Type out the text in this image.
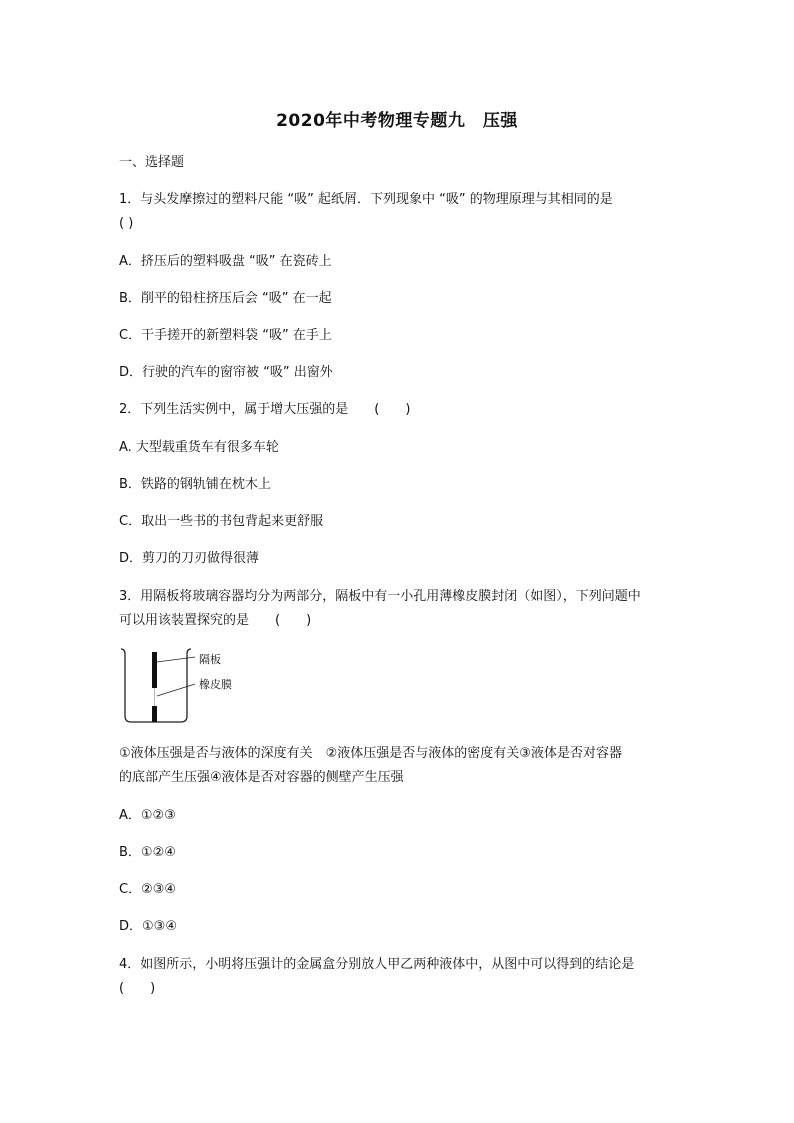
2020年中考物理专题九　压强
一、选择题
1．与头发摩擦过的塑料尺能 “吸” 起纸屑．下列现象中 “吸” 的物理原理与其相同的是
( )
A．挤压后的塑料吸盘 “吸” 在瓷砖上
B．削平的铅柱挤压后会 “吸” 在一起
C．干手搓开的新塑料袋 “吸” 在手上
D．行驶的汽车的窗帘被 “吸” 出窗外
2．下列生活实例中，属于增大压强的是　　(　　)
A. 大型载重货车有很多车轮
B．铁路的钢轨铺在枕木上
C．取出一些书的书包背起来更舒服
D．剪刀的刀刃做得很薄
3．用隔板将玻璃容器均分为两部分，隔板中有一小孔用薄橡皮膜封闭（如图），下列问题中
可以用该装置探究的是　　(　　)
隔板
橡皮膜
①液体压强是否与液体的深度有关　②液体压强是否与液体的密度有关③液体是否对容器
的底部产生压强④液体是否对容器的侧壁产生压强
A．①②③
B．①②④
C．②③④
D．①③④
4．如图所示，小明将压强计的金属盒分别放人甲乙两种液体中，从图中可以得到的结论是
(　　)
